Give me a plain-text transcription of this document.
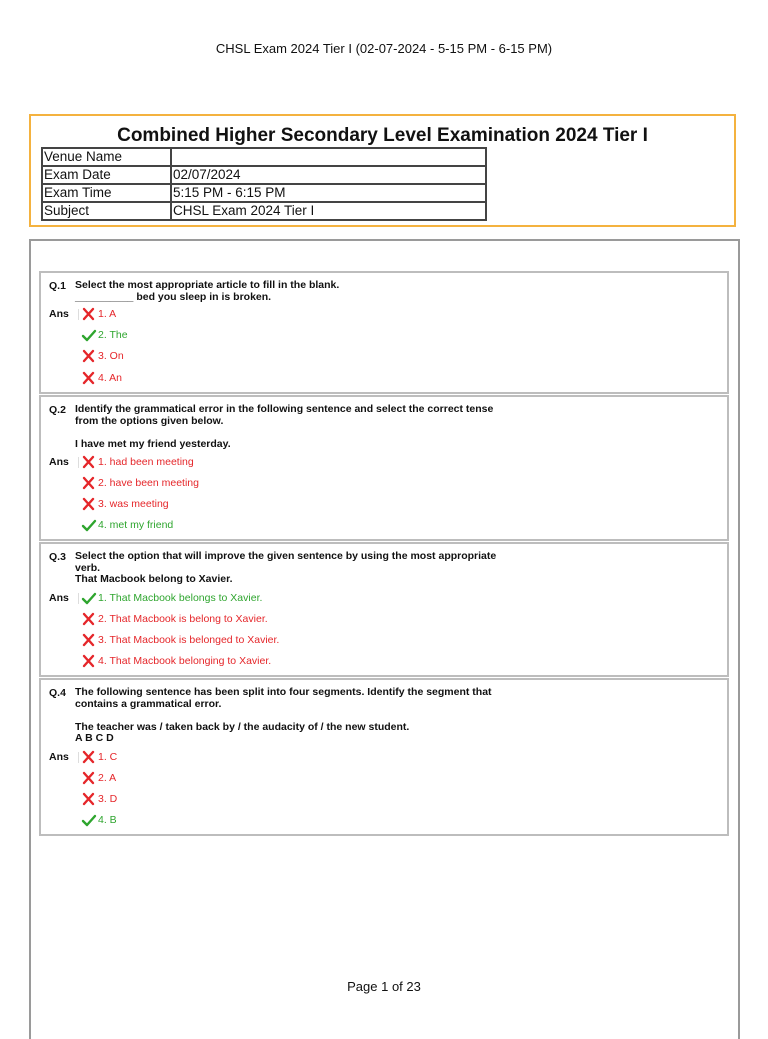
CHSL Exam 2024 Tier I (02-07-2024 - 5-15 PM - 6-15 PM)
Combined Higher Secondary Level Examination 2024 Tier I
Venue Name	
Exam Date	02/07/2024
Exam Time	5:15 PM - 6:15 PM
Subject	CHSL Exam 2024 Tier I
Q.1 Select the most appropriate article to fill in the blank.
__________ bed you sleep in is broken.
Ans	1. A
2. The
3. On
4. An
Q.2 Identify the grammatical error in the following sentence and select the correct tense
from the options given below.
I have met my friend yesterday.
Ans	1. had been meeting
2. have been meeting
3. was meeting
4. met my friend
Q.3 Select the option that will improve the given sentence by using the most appropriate
verb.
That Macbook belong to Xavier.
Ans	1. That Macbook belongs to Xavier.
2. That Macbook is belong to Xavier.
3. That Macbook is belonged to Xavier.
4. That Macbook belonging to Xavier.
Q.4 The following sentence has been split into four segments. Identify the segment that
contains a grammatical error.
The teacher was / taken back by / the audacity of / the new student.
A B C D
Ans	1. C
2. A
3. D
4. B
Page 1 of 23
